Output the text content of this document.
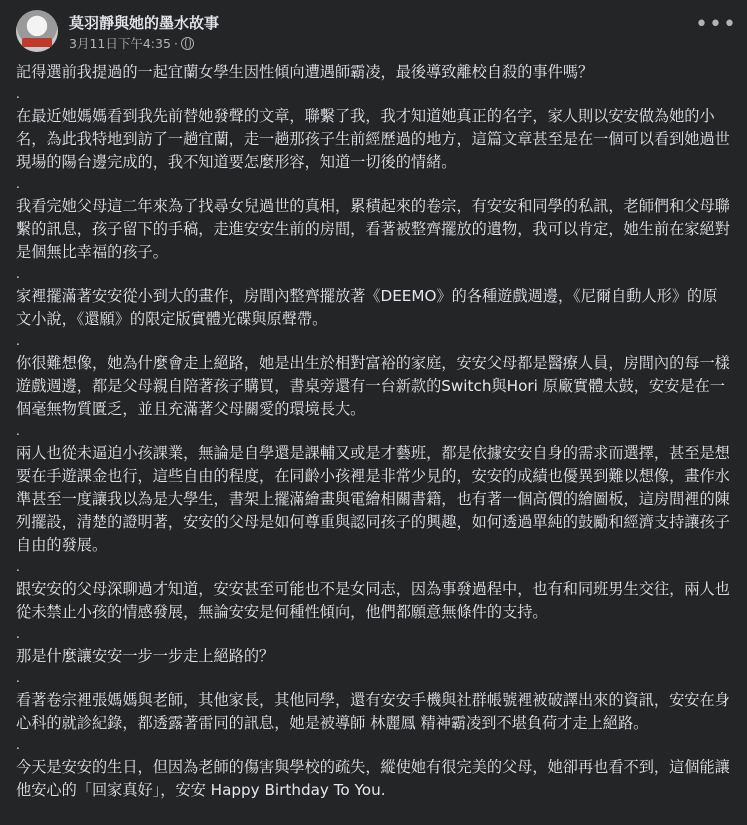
莫羽靜與她的墨水故事
3月11日下午4:35 ·
•••

記得選前我提過的一起宜蘭女學生因性傾向遭遇師霸凌，最後導致離校自殺的事件嗎？

.

在最近她媽媽看到我先前替她發聲的文章，聯繫了我，我才知道她真正的名字，家人則以安安做為她的小名，為此我特地到訪了一趟宜蘭，走一趟那孩子生前經歷過的地方，這篇文章甚至是在一個可以看到她過世現場的陽台邊完成的，我不知道要怎麼形容，知道一切後的情緒。

.

我看完她父母這二年來為了找尋女兒過世的真相，累積起來的卷宗，有安安和同學的私訊，老師們和父母聯繫的訊息，孩子留下的手稿，走進安安生前的房間，看著被整齊擺放的遺物，我可以肯定，她生前在家絕對是個無比幸福的孩子。

.

家裡擺滿著安安從小到大的畫作，房間內整齊擺放著《DEEMO》的各種遊戲週邊，《尼爾自動人形》的原文小說，《還願》的限定版實體光碟與原聲帶。

.

你很難想像，她為什麼會走上絕路，她是出生於相對富裕的家庭，安安父母都是醫療人員，房間內的每一樣遊戲週邊，都是父母親自陪著孩子購買，書桌旁還有一台新款的Switch與Hori 原廠實體太鼓，安安是在一個毫無物質匱乏，並且充滿著父母關愛的環境長大。

.

兩人也從未逼迫小孩課業，無論是自學還是課輔又或是才藝班，都是依據安安自身的需求而選擇，甚至是想要在手遊課金也行，這些自由的程度，在同齡小孩裡是非常少見的，安安的成績也優異到難以想像，畫作水準甚至一度讓我以為是大學生，書架上擺滿繪畫與電繪相關書籍，也有著一個高價的繪圖板，這房間裡的陳列擺設，清楚的證明著，安安的父母是如何尊重與認同孩子的興趣，如何透過單純的鼓勵和經濟支持讓孩子自由的發展。

.

跟安安的父母深聊過才知道，安安甚至可能也不是女同志，因為事發過程中，也有和同班男生交往，兩人也從未禁止小孩的情感發展，無論安安是何種性傾向，他們都願意無條件的支持。

.

那是什麼讓安安一步一步走上絕路的？

.

看著卷宗裡張媽媽與老師，其他家長，其他同學，還有安安手機與社群帳號裡被破譯出來的資訊，安安在身心科的就診紀錄，都透露著雷同的訊息，她是被導師 林麗鳳 精神霸凌到不堪負荷才走上絕路。

.

今天是安安的生日，但因為老師的傷害與學校的疏失，縱使她有很完美的父母，她卻再也看不到，這個能讓他安心的「回家真好」，安安 Happy Birthday To You.
